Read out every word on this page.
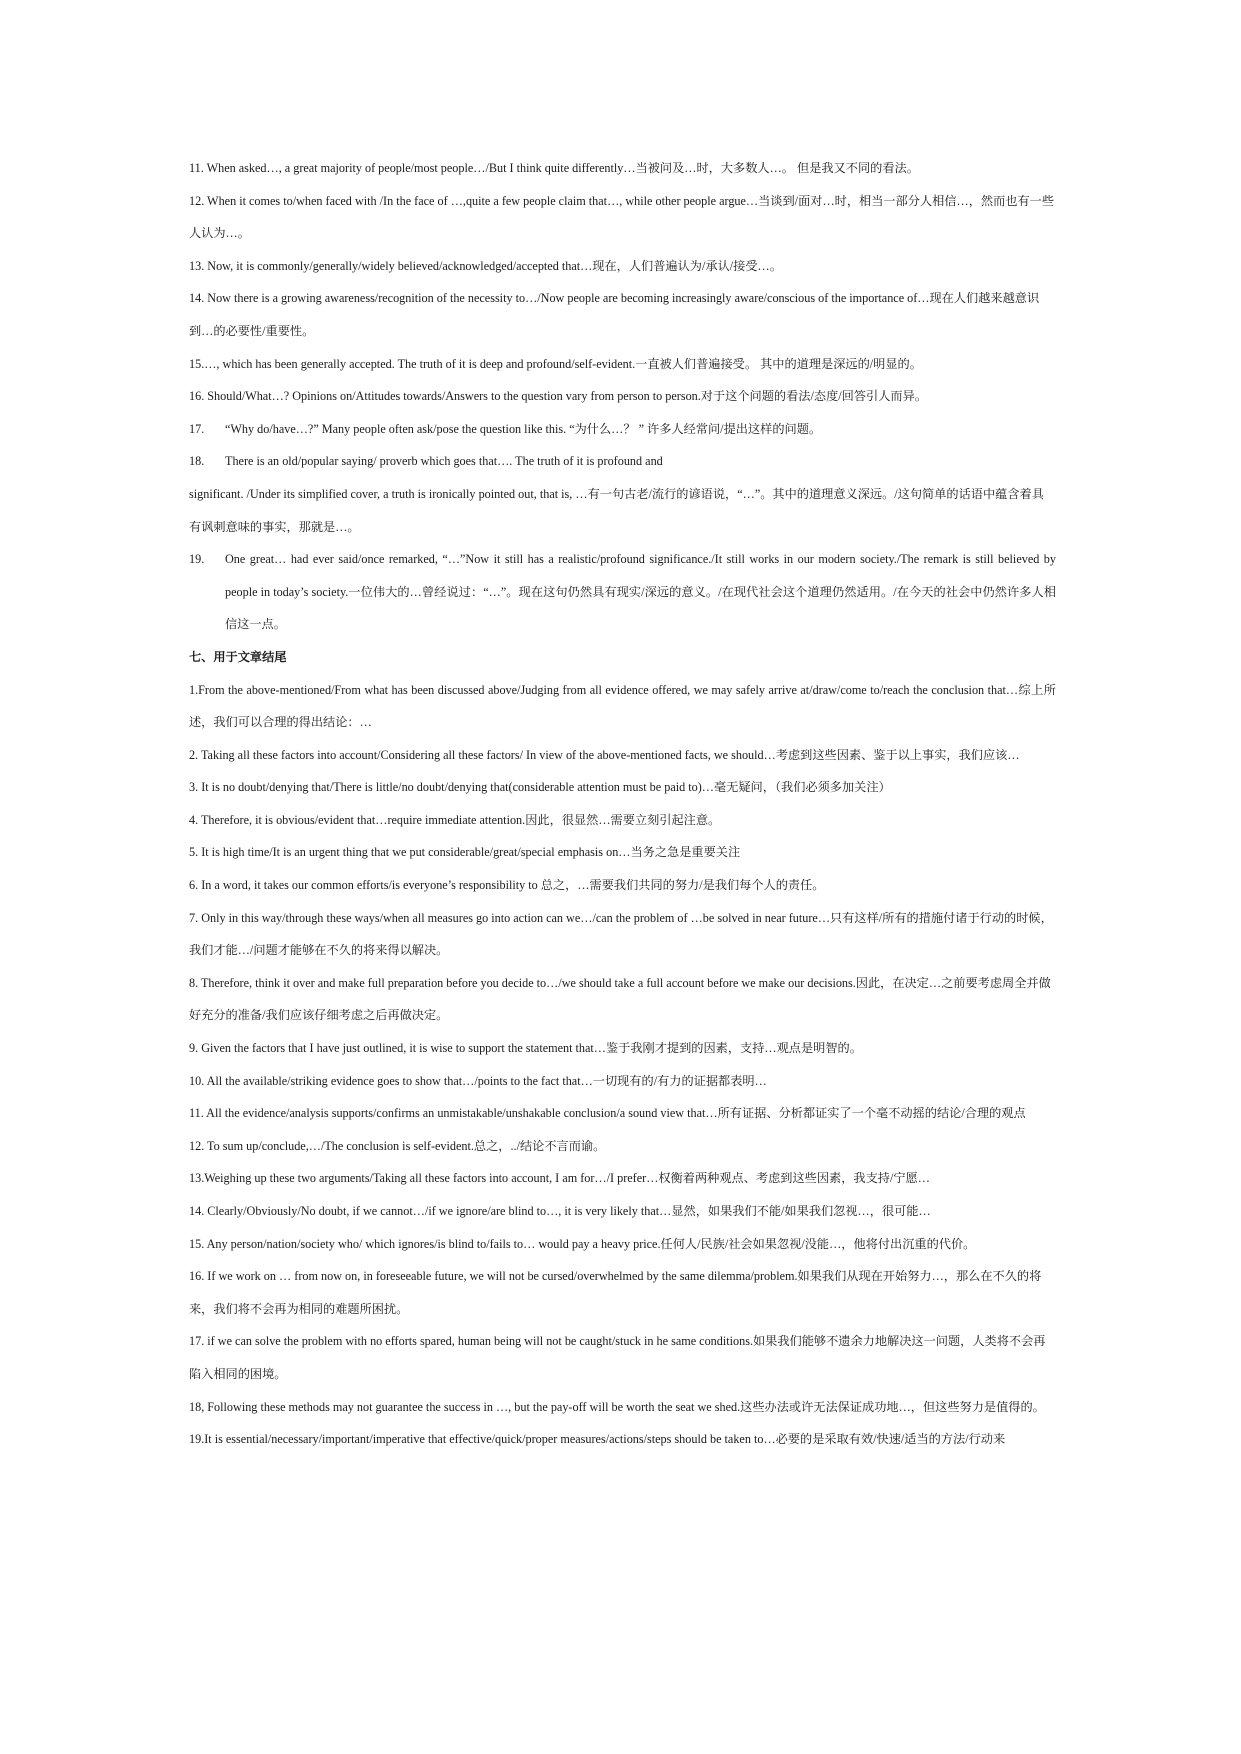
11. When asked…, a great majority of people/most people…/But I think quite differently…当被问及…时，大多数人…。 但是我又不同的看法。

12. When it comes to/when faced with /In the face of …,quite a few people claim that…, while other people argue…当谈到/面对…时，相当一部分人相信…，然而也有一些人认为…。

13. Now, it is commonly/generally/widely believed/acknowledged/accepted that…现在，人们普遍认为/承认/接受…。

14. Now there is a growing awareness/recognition of the necessity to…/Now people are becoming increasingly aware/conscious of the importance of…现在人们越来越意识到…的必要性/重要性。

15.…, which has been generally accepted. The truth of it is deep and profound/self-evident.一直被人们普遍接受。 其中的道理是深远的/明显的。

16. Should/What…? Opinions on/Attitudes towards/Answers to the question vary from person to person.对于这个问题的看法/态度/回答引人而异。

17. “Why do/have…?” Many people often ask/pose the question like this. “为什么…？ ” 许多人经常问/提出这样的问题。

18. There is an old/popular saying/ proverb which goes that…. The truth of it is profound and

significant. /Under its simplified cover, a truth is ironically pointed out, that is, …有一句古老/流行的谚语说，“…”。其中的道理意义深远。/这句简单的话语中蕴含着具有讽刺意味的事实，那就是…。

19. One great… had ever said/once remarked, “…”Now it still has a realistic/profound significance./It still works in our modern society./The remark is still believed by people in today’s society.一位伟大的…曾经说过：“…”。现在这句仍然具有现实/深远的意义。/在现代社会这个道理仍然适用。/在今天的社会中仍然许多人相信这一点。

七、用于文章结尾

1.From the above-mentioned/From what has been discussed above/Judging from all evidence offered, we may safely arrive at/draw/come to/reach the conclusion that…综上所述，我们可以合理的得出结论：…

2. Taking all these factors into account/Considering all these factors/ In view of the above-mentioned facts, we should…考虑到这些因素、鉴于以上事实，我们应该…

3. It is no doubt/denying that/There is little/no doubt/denying that(considerable attention must be paid to)…毫无疑问，（我们必须多加关注）

4. Therefore, it is obvious/evident that…require immediate attention.因此，很显然…需要立刻引起注意。

5. It is high time/It is an urgent thing that we put considerable/great/special emphasis on…当务之急是重要关注

6. In a word, it takes our common efforts/is everyone’s responsibility to 总之，…需要我们共同的努力/是我们每个人的责任。

7. Only in this way/through these ways/when all measures go into action can we…/can the problem of …be solved in near future…只有这样/所有的措施付诸于行动的时候，我们才能…/问题才能够在不久的将来得以解决。

8. Therefore, think it over and make full preparation before you decide to…/we should take a full account before we make our decisions.因此，在决定…之前要考虑周全并做好充分的准备/我们应该仔细考虑之后再做决定。

9. Given the factors that I have just outlined, it is wise to support the statement that…鉴于我刚才提到的因素，支持…观点是明智的。

10. All the available/striking evidence goes to show that…/points to the fact that…一切现有的/有力的证据都表明…

11. All the evidence/analysis supports/confirms an unmistakable/unshakable conclusion/a sound view that…所有证据、分析都证实了一个毫不动摇的结论/合理的观点

12. To sum up/conclude,…/The conclusion is self-evident.总之，../结论不言而谕。

13.Weighing up these two arguments/Taking all these factors into account, I am for…/I prefer…权衡着两种观点、考虑到这些因素，我支持/宁愿…

14. Clearly/Obviously/No doubt, if we cannot…/if we ignore/are blind to…, it is very likely that…显然，如果我们不能/如果我们忽视…，很可能…

15. Any person/nation/society who/ which ignores/is blind to/fails to… would pay a heavy price.任何人/民族/社会如果忽视/没能…，他将付出沉重的代价。

16. If we work on … from now on, in foreseeable future, we will not be cursed/overwhelmed by the same dilemma/problem.如果我们从现在开始努力…，那么在不久的将来，我们将不会再为相同的难题所困扰。

17. if we can solve the problem with no efforts spared, human being will not be caught/stuck in he same conditions.如果我们能够不遗余力地解决这一问题，人类将不会再陷入相同的困境。

18, Following these methods may not guarantee the success in …, but the pay-off will be worth the seat we shed.这些办法或许无法保证成功地…，但这些努力是值得的。

19.It is essential/necessary/important/imperative that effective/quick/proper measures/actions/steps should be taken to…必要的是采取有效/快速/适当的方法/行动来
